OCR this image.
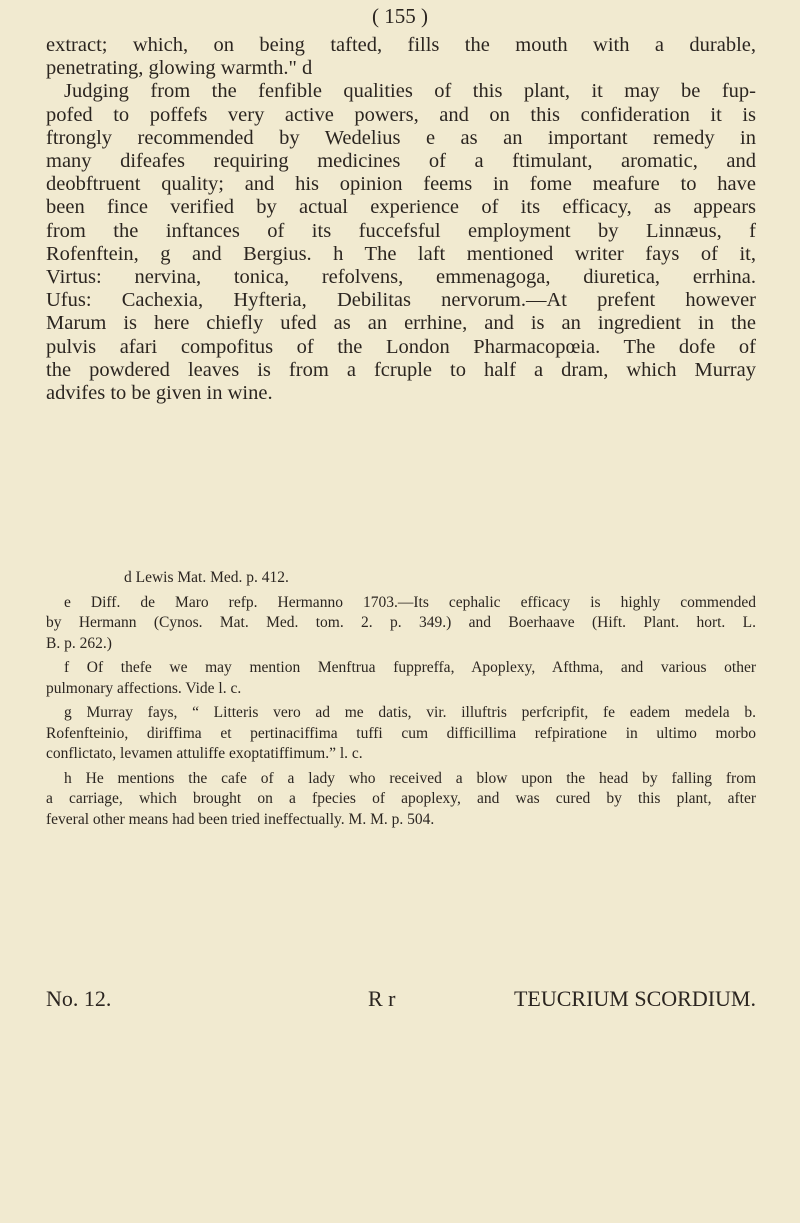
( 155 )
extract; which, on being tafted, fills the mouth with a durable,
penetrating, glowing warmth." d
Judging from the fenfible qualities of this plant, it may be fup-
pofed to poffefs very active powers, and on this confideration it is
ftrongly recommended by Wedelius e as an important remedy in
many difeafes requiring medicines of a ftimulant, aromatic, and
deobftruent quality; and his opinion feems in fome meafure to have
been fince verified by actual experience of its efficacy, as appears
from the inftances of its fuccefsful employment by Linnæus, f
Rofenftein, g and Bergius. h The laft mentioned writer fays of it,
Virtus: nervina, tonica, refolvens, emmenagoga, diuretica, errhina.
Ufus: Cachexia, Hyfteria, Debilitas nervorum.—At prefent however
Marum is here chiefly ufed as an errhine, and is an ingredient in the
pulvis afari compofitus of the London Pharmacopœia. The dofe of
the powdered leaves is from a fcruple to half a dram, which Murray
advifes to be given in wine.
d Lewis Mat. Med. p. 412.
e Diff. de Maro refp. Hermanno 1703.—Its cephalic efficacy is highly commended
by Hermann (Cynos. Mat. Med. tom. 2. p. 349.) and Boerhaave (Hift. Plant. hort. L.
B. p. 262.)
f Of thefe we may mention Menftrua fuppreffa, Apoplexy, Afthma, and various other
pulmonary affections. Vide l. c.
g Murray fays, “ Litteris vero ad me datis, vir. illuftris perfcripfit, fe eadem medela b.
Rofenfteinio, diriffima et pertinaciffima tuffi cum difficillima refpiratione in ultimo morbo
conflictato, levamen attuliffe exoptatiffimum.” l. c.
h He mentions the cafe of a lady who received a blow upon the head by falling from
a carriage, which brought on a fpecies of apoplexy, and was cured by this plant, after
feveral other means had been tried ineffectually. M. M. p. 504.
No. 12.	R r	TEUCRIUM SCORDIUM.
